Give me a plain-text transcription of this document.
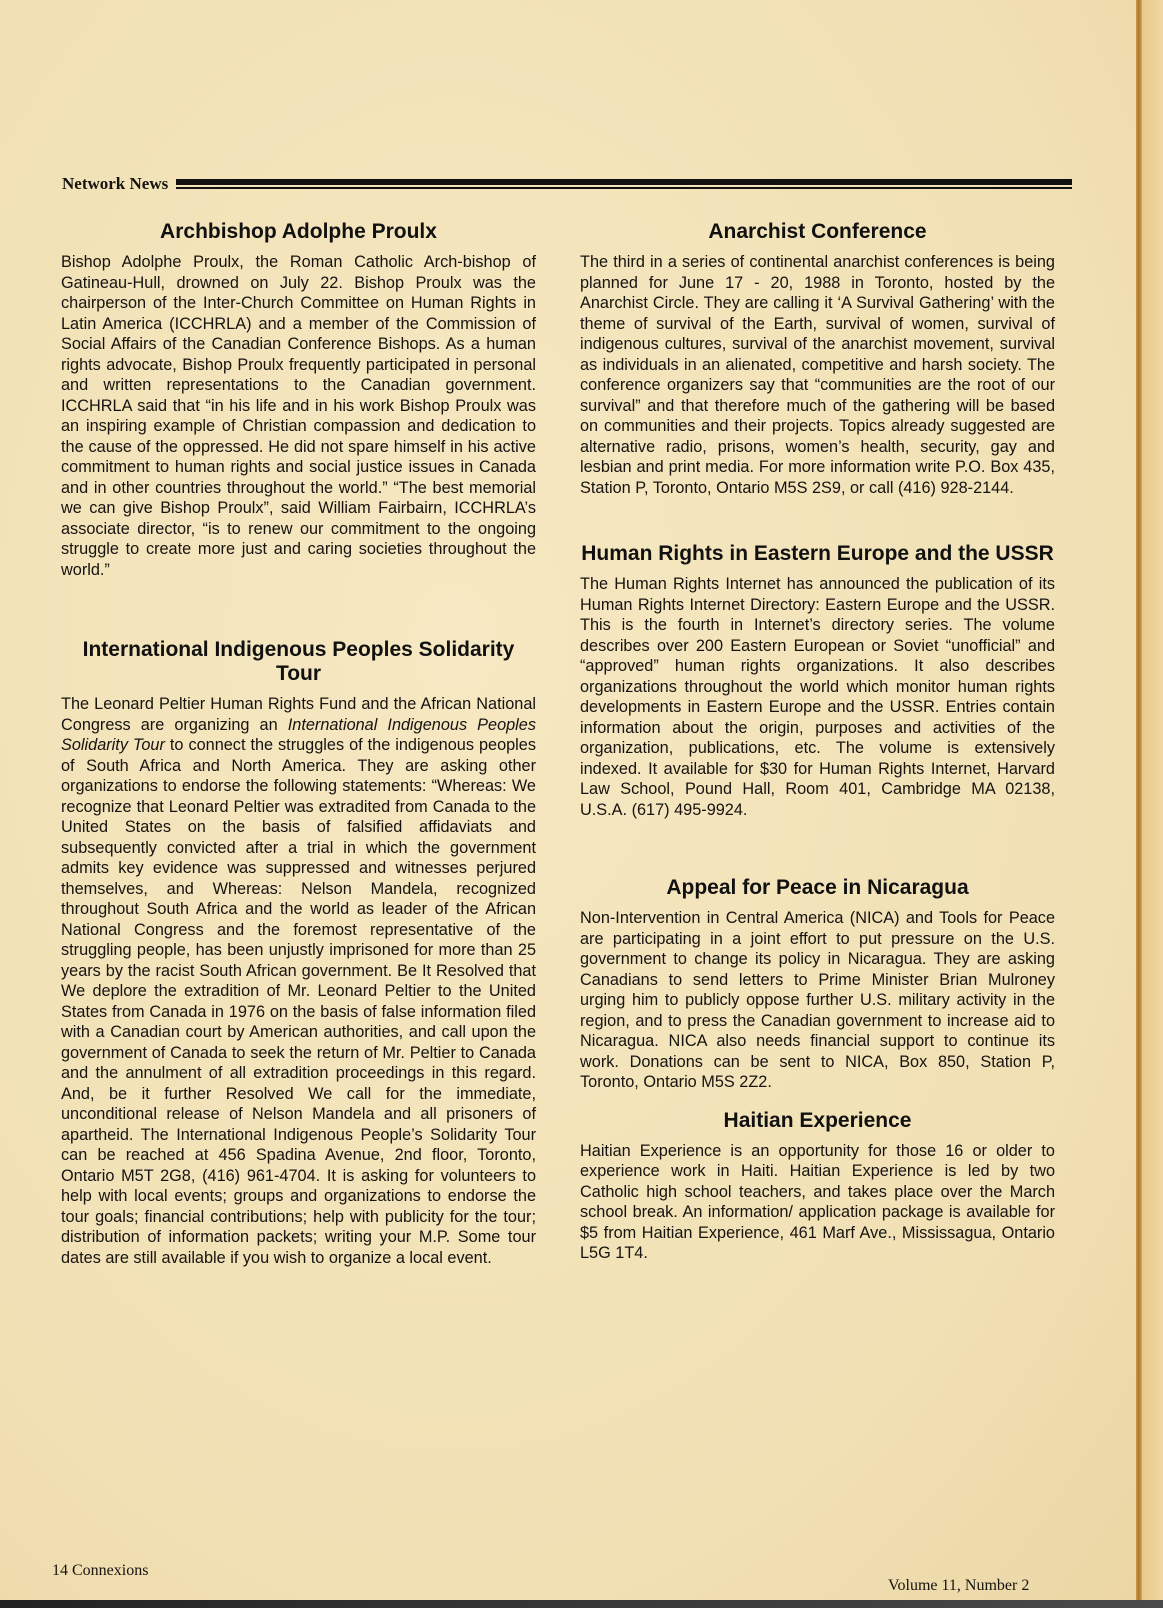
Network News
Archbishop Adolphe Proulx

Bishop Adolphe Proulx, the Roman Catholic Arch-bishop of Gatineau-Hull, drowned on July 22. Bishop Proulx was the chairperson of the Inter-Church Committee on Human Rights in Latin America (ICCHRLA) and a member of the Commission of Social Affairs of the Canadian Conference Bishops. As a human rights advocate, Bishop Proulx frequently participated in personal and written representations to the Canadian government. ICCHRLA said that “in his life and in his work Bishop Proulx was an inspiring example of Christian compassion and dedication to the cause of the oppressed. He did not spare himself in his active commitment to human rights and social justice issues in Canada and in other countries throughout the world.” “The best memorial we can give Bishop Proulx”, said William Fairbairn, ICCHRLA’s associate director, “is to renew our commitment to the ongoing struggle to create more just and caring societies throughout the world.”

International Indigenous Peoples Solidarity Tour

The Leonard Peltier Human Rights Fund and the African National Congress are organizing an International Indigenous Peoples Solidarity Tour to connect the struggles of the indigenous peoples of South Africa and North America. They are asking other organizations to endorse the following statements: “Whereas: We recognize that Leonard Peltier was extradited from Canada to the United States on the basis of falsified affidaviats and subsequently convicted after a trial in which the government admits key evidence was suppressed and witnesses perjured themselves, and Whereas: Nelson Mandela, recognized throughout South Africa and the world as leader of the African National Congress and the foremost representative of the struggling people, has been unjustly imprisoned for more than 25 years by the racist South African government. Be It Resolved that We deplore the extradition of Mr. Leonard Peltier to the United States from Canada in 1976 on the basis of false information filed with a Canadian court by American authorities, and call upon the government of Canada to seek the return of Mr. Peltier to Canada and the annulment of all extradition proceedings in this regard. And, be it further Resolved We call for the immediate, unconditional release of Nelson Mandela and all prisoners of apartheid. The International Indigenous People’s Solidarity Tour can be reached at 456 Spadina Avenue, 2nd floor, Toronto, Ontario M5T 2G8, (416) 961-4704. It is asking for volunteers to help with local events; groups and organizations to endorse the tour goals; financial contributions; help with publicity for the tour; distribution of information packets; writing your M.P. Some tour dates are still available if you wish to organize a local event.

Anarchist Conference

The third in a series of continental anarchist conferences is being planned for June 17 - 20, 1988 in Toronto, hosted by the Anarchist Circle. They are calling it ‘A Survival Gathering’ with the theme of survival of the Earth, survival of women, survival of indigenous cultures, survival of the anarchist movement, survival as individuals in an alienated, competitive and harsh society. The conference organizers say that “communities are the root of our survival” and that therefore much of the gathering will be based on communities and their projects. Topics already suggested are alternative radio, prisons, women’s health, security, gay and lesbian and print media. For more information write P.O. Box 435, Station P, Toronto, Ontario M5S 2S9, or call (416) 928-2144.

Human Rights in Eastern Europe and the USSR

The Human Rights Internet has announced the publication of its Human Rights Internet Directory: Eastern Europe and the USSR. This is the fourth in Internet’s directory series. The volume describes over 200 Eastern European or Soviet “unofficial” and “approved” human rights organizations. It also describes organizations throughout the world which monitor human rights developments in Eastern Europe and the USSR. Entries contain information about the origin, purposes and activities of the organization, publications, etc. The volume is extensively indexed. It available for $30 for Human Rights Internet, Harvard Law School, Pound Hall, Room 401, Cambridge MA 02138, U.S.A. (617) 495-9924.

Appeal for Peace in Nicaragua

Non-Intervention in Central America (NICA) and Tools for Peace are participating in a joint effort to put pressure on the U.S. government to change its policy in Nicaragua. They are asking Canadians to send letters to Prime Minister Brian Mulroney urging him to publicly oppose further U.S. military activity in the region, and to press the Canadian government to increase aid to Nicaragua. NICA also needs financial support to continue its work. Donations can be sent to NICA, Box 850, Station P, Toronto, Ontario M5S 2Z2.

Haitian Experience

Haitian Experience is an opportunity for those 16 or older to experience work in Haiti. Haitian Experience is led by two Catholic high school teachers, and takes place over the March school break. An information/ application package is available for $5 from Haitian Experience, 461 Marf Ave., Mississagua, Ontario L5G 1T4.

14 Connexions
Volume 11, Number 2
